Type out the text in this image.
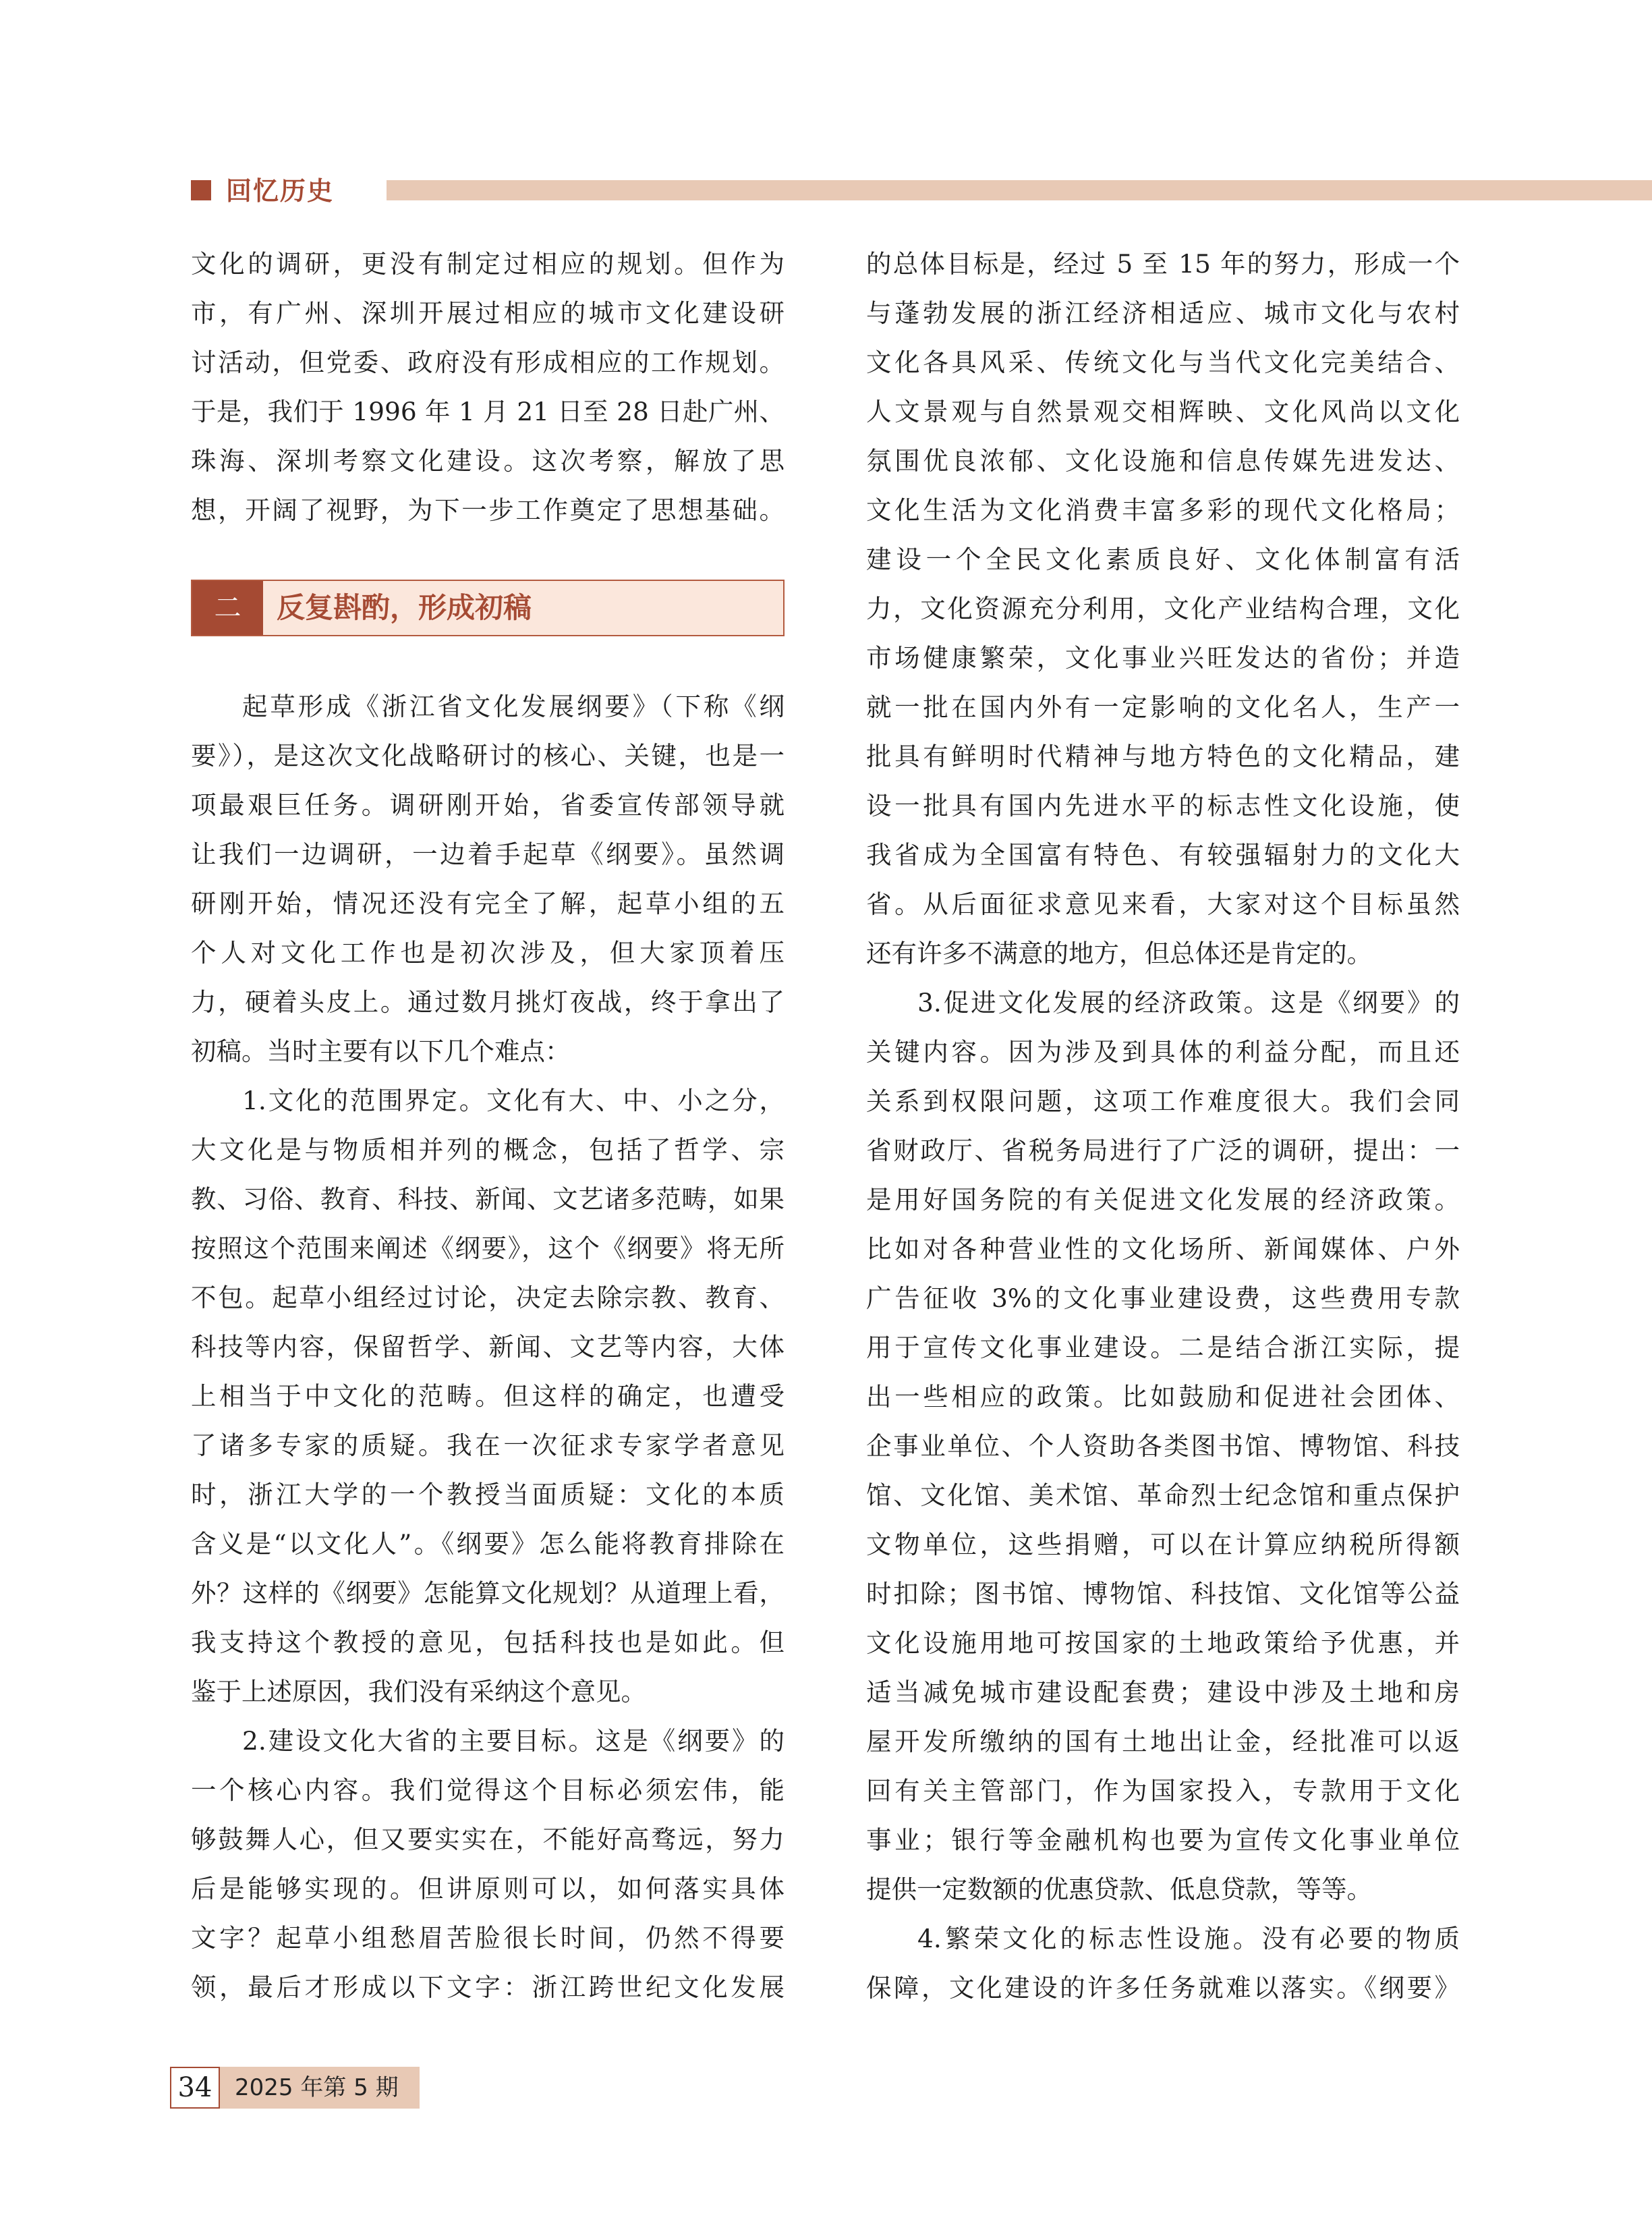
回忆历史
文化的调研，更没有制定过相应的规划。但作为
市，有广州、深圳开展过相应的城市文化建设研
讨活动，但党委、政府没有形成相应的工作规划。
于是，我们于 1996 年 1 月 21 日至 28 日赴广州、
珠海、深圳考察文化建设。这次考察，解放了思
想，开阔了视野，为下一步工作奠定了思想基础。
二	反复斟酌，形成初稿
起草形成《浙江省文化发展纲要》（下称《纲
要》），是这次文化战略研讨的核心、关键，也是一
项最艰巨任务。调研刚开始，省委宣传部领导就
让我们一边调研，一边着手起草《纲要》。虽然调
研刚开始，情况还没有完全了解，起草小组的五
个人对文化工作也是初次涉及，但大家顶着压
力，硬着头皮上。通过数月挑灯夜战，终于拿出了
初稿。当时主要有以下几个难点：
1.文化的范围界定。文化有大、中、小之分，
大文化是与物质相并列的概念，包括了哲学、宗
教、习俗、教育、科技、新闻、文艺诸多范畴，如果
按照这个范围来阐述《纲要》，这个《纲要》将无所
不包。起草小组经过讨论，决定去除宗教、教育、
科技等内容，保留哲学、新闻、文艺等内容，大体
上相当于中文化的范畴。但这样的确定，也遭受
了诸多专家的质疑。我在一次征求专家学者意见
时，浙江大学的一个教授当面质疑：文化的本质
含义是“以文化人”。《纲要》怎么能将教育排除在
外？这样的《纲要》怎能算文化规划？从道理上看，
我支持这个教授的意见，包括科技也是如此。但
鉴于上述原因，我们没有采纳这个意见。
2.建设文化大省的主要目标。这是《纲要》的
一个核心内容。我们觉得这个目标必须宏伟，能
够鼓舞人心，但又要实实在，不能好高骛远，努力
后是能够实现的。但讲原则可以，如何落实具体
文字？起草小组愁眉苦脸很长时间，仍然不得要
领，最后才形成以下文字：浙江跨世纪文化发展
的总体目标是，经过 5 至 15 年的努力，形成一个
与蓬勃发展的浙江经济相适应、城市文化与农村
文化各具风采、传统文化与当代文化完美结合、
人文景观与自然景观交相辉映、文化风尚以文化
氛围优良浓郁、文化设施和信息传媒先进发达、
文化生活为文化消费丰富多彩的现代文化格局；
建设一个全民文化素质良好、文化体制富有活
力，文化资源充分利用，文化产业结构合理，文化
市场健康繁荣，文化事业兴旺发达的省份；并造
就一批在国内外有一定影响的文化名人，生产一
批具有鲜明时代精神与地方特色的文化精品，建
设一批具有国内先进水平的标志性文化设施，使
我省成为全国富有特色、有较强辐射力的文化大
省。从后面征求意见来看，大家对这个目标虽然
还有许多不满意的地方，但总体还是肯定的。
3.促进文化发展的经济政策。这是《纲要》的
关键内容。因为涉及到具体的利益分配，而且还
关系到权限问题，这项工作难度很大。我们会同
省财政厅、省税务局进行了广泛的调研，提出：一
是用好国务院的有关促进文化发展的经济政策。
比如对各种营业性的文化场所、新闻媒体、户外
广告征收 3%的文化事业建设费，这些费用专款
用于宣传文化事业建设。二是结合浙江实际，提
出一些相应的政策。比如鼓励和促进社会团体、
企事业单位、个人资助各类图书馆、博物馆、科技
馆、文化馆、美术馆、革命烈士纪念馆和重点保护
文物单位，这些捐赠，可以在计算应纳税所得额
时扣除；图书馆、博物馆、科技馆、文化馆等公益
文化设施用地可按国家的土地政策给予优惠，并
适当减免城市建设配套费；建设中涉及土地和房
屋开发所缴纳的国有土地出让金，经批准可以返
回有关主管部门，作为国家投入，专款用于文化
事业；银行等金融机构也要为宣传文化事业单位
提供一定数额的优惠贷款、低息贷款，等等。
4.繁荣文化的标志性设施。没有必要的物质
保障，文化建设的许多任务就难以落实。《纲要》
34 2025 年第 5 期
